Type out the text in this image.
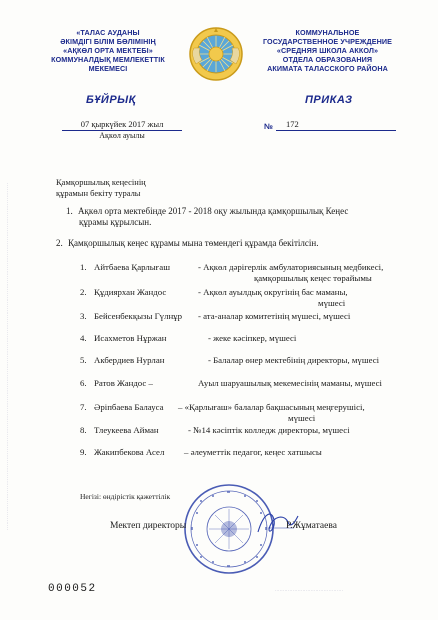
· · · · · · · · · · · · · · · · · · · · · · · · · · · · · · · · · · · · · · · · · · · · · · · · · · · · · · · · · · · · · · · · · · · · · · · · · · · · · · · · · · · · · · · · · · · · · · · · · · · · · · · · · · · · · · · · · · · · · · · · · · · · · · · · · · · · · · · · · · · · · · · · · · · · · · · · · · · · · · · · · · · · · · · · · · · · · · · · · · · · · · · · · · ·
«ТАЛАС АУДАНЫ
ӘКІМДІГІ БІЛІМ БӨЛІМІНІҢ
«АҚКӨЛ ОРТА МЕКТЕБІ»
КОММУНАЛДЫҚ МЕМЛЕКЕТТІК
МЕКЕМЕСІ
КОММУНАЛЬНОЕ
ГОСУДАРСТВЕННОЕ УЧРЕЖДЕНИЕ
«СРЕДНЯЯ ШКОЛА АККОЛ»
ОТДЕЛА ОБРАЗОВАНИЯ
АКИМАТА ТАЛАССКОГО РАЙОНА
БҰЙРЫҚ	ПРИКАЗ
07 қыркүйек 2017 жыл
Ақкөл ауылы
№	172
Қамқоршылық кеңесінің
құрамын бекіту туралы
1. Ақкөл орта мектебінде 2017 - 2018 оқу жылында қамқоршылық Кеңес
құрамы құрылсын.
2. Қамқоршылық кеңес құрамы мына төмендегі құрамда бекітілсін.
1. Айтбаева Қарлығаш	- Ақкөл дәрігерлік амбулаториясының медбикесі,
қамқоршылық кеңес төрайымы
2. Құдиярхан Жандос	- Ақкөл ауылдық округінің бас маманы,
мүшесі
3. Бейсенбекқызы Гүлнұр - ата-аналар комитетінің мүшесі, мүшесі
4. Исахметов Нұржан	- жеке кәсіпкер, мүшесі
5. Акбердиев Нурлан	- Балалар өнер мектебінің директоры, мүшесі
6. Ратов Жандос –	Ауыл шаруашылық мекемесінің маманы, мүшесі
7. Әріпбаева Балауса – «Қарлығаш» балалар бақшасының меңгерушісі,
мүшесі
8. Тлеукеева Айман	- №14 кәсіптік колледж директоры, мүшесі
9. Жакипбекова Асел – әлеуметтік педагог, кеңес хатшысы
Негізі: өндірістік қажеттілік
Мектеп директоры	Р.Жұматаева
000052	· · · · · · · · · · · · · · · · · · · · · · · · · · · · · · · · · · · · · · · · · ·
